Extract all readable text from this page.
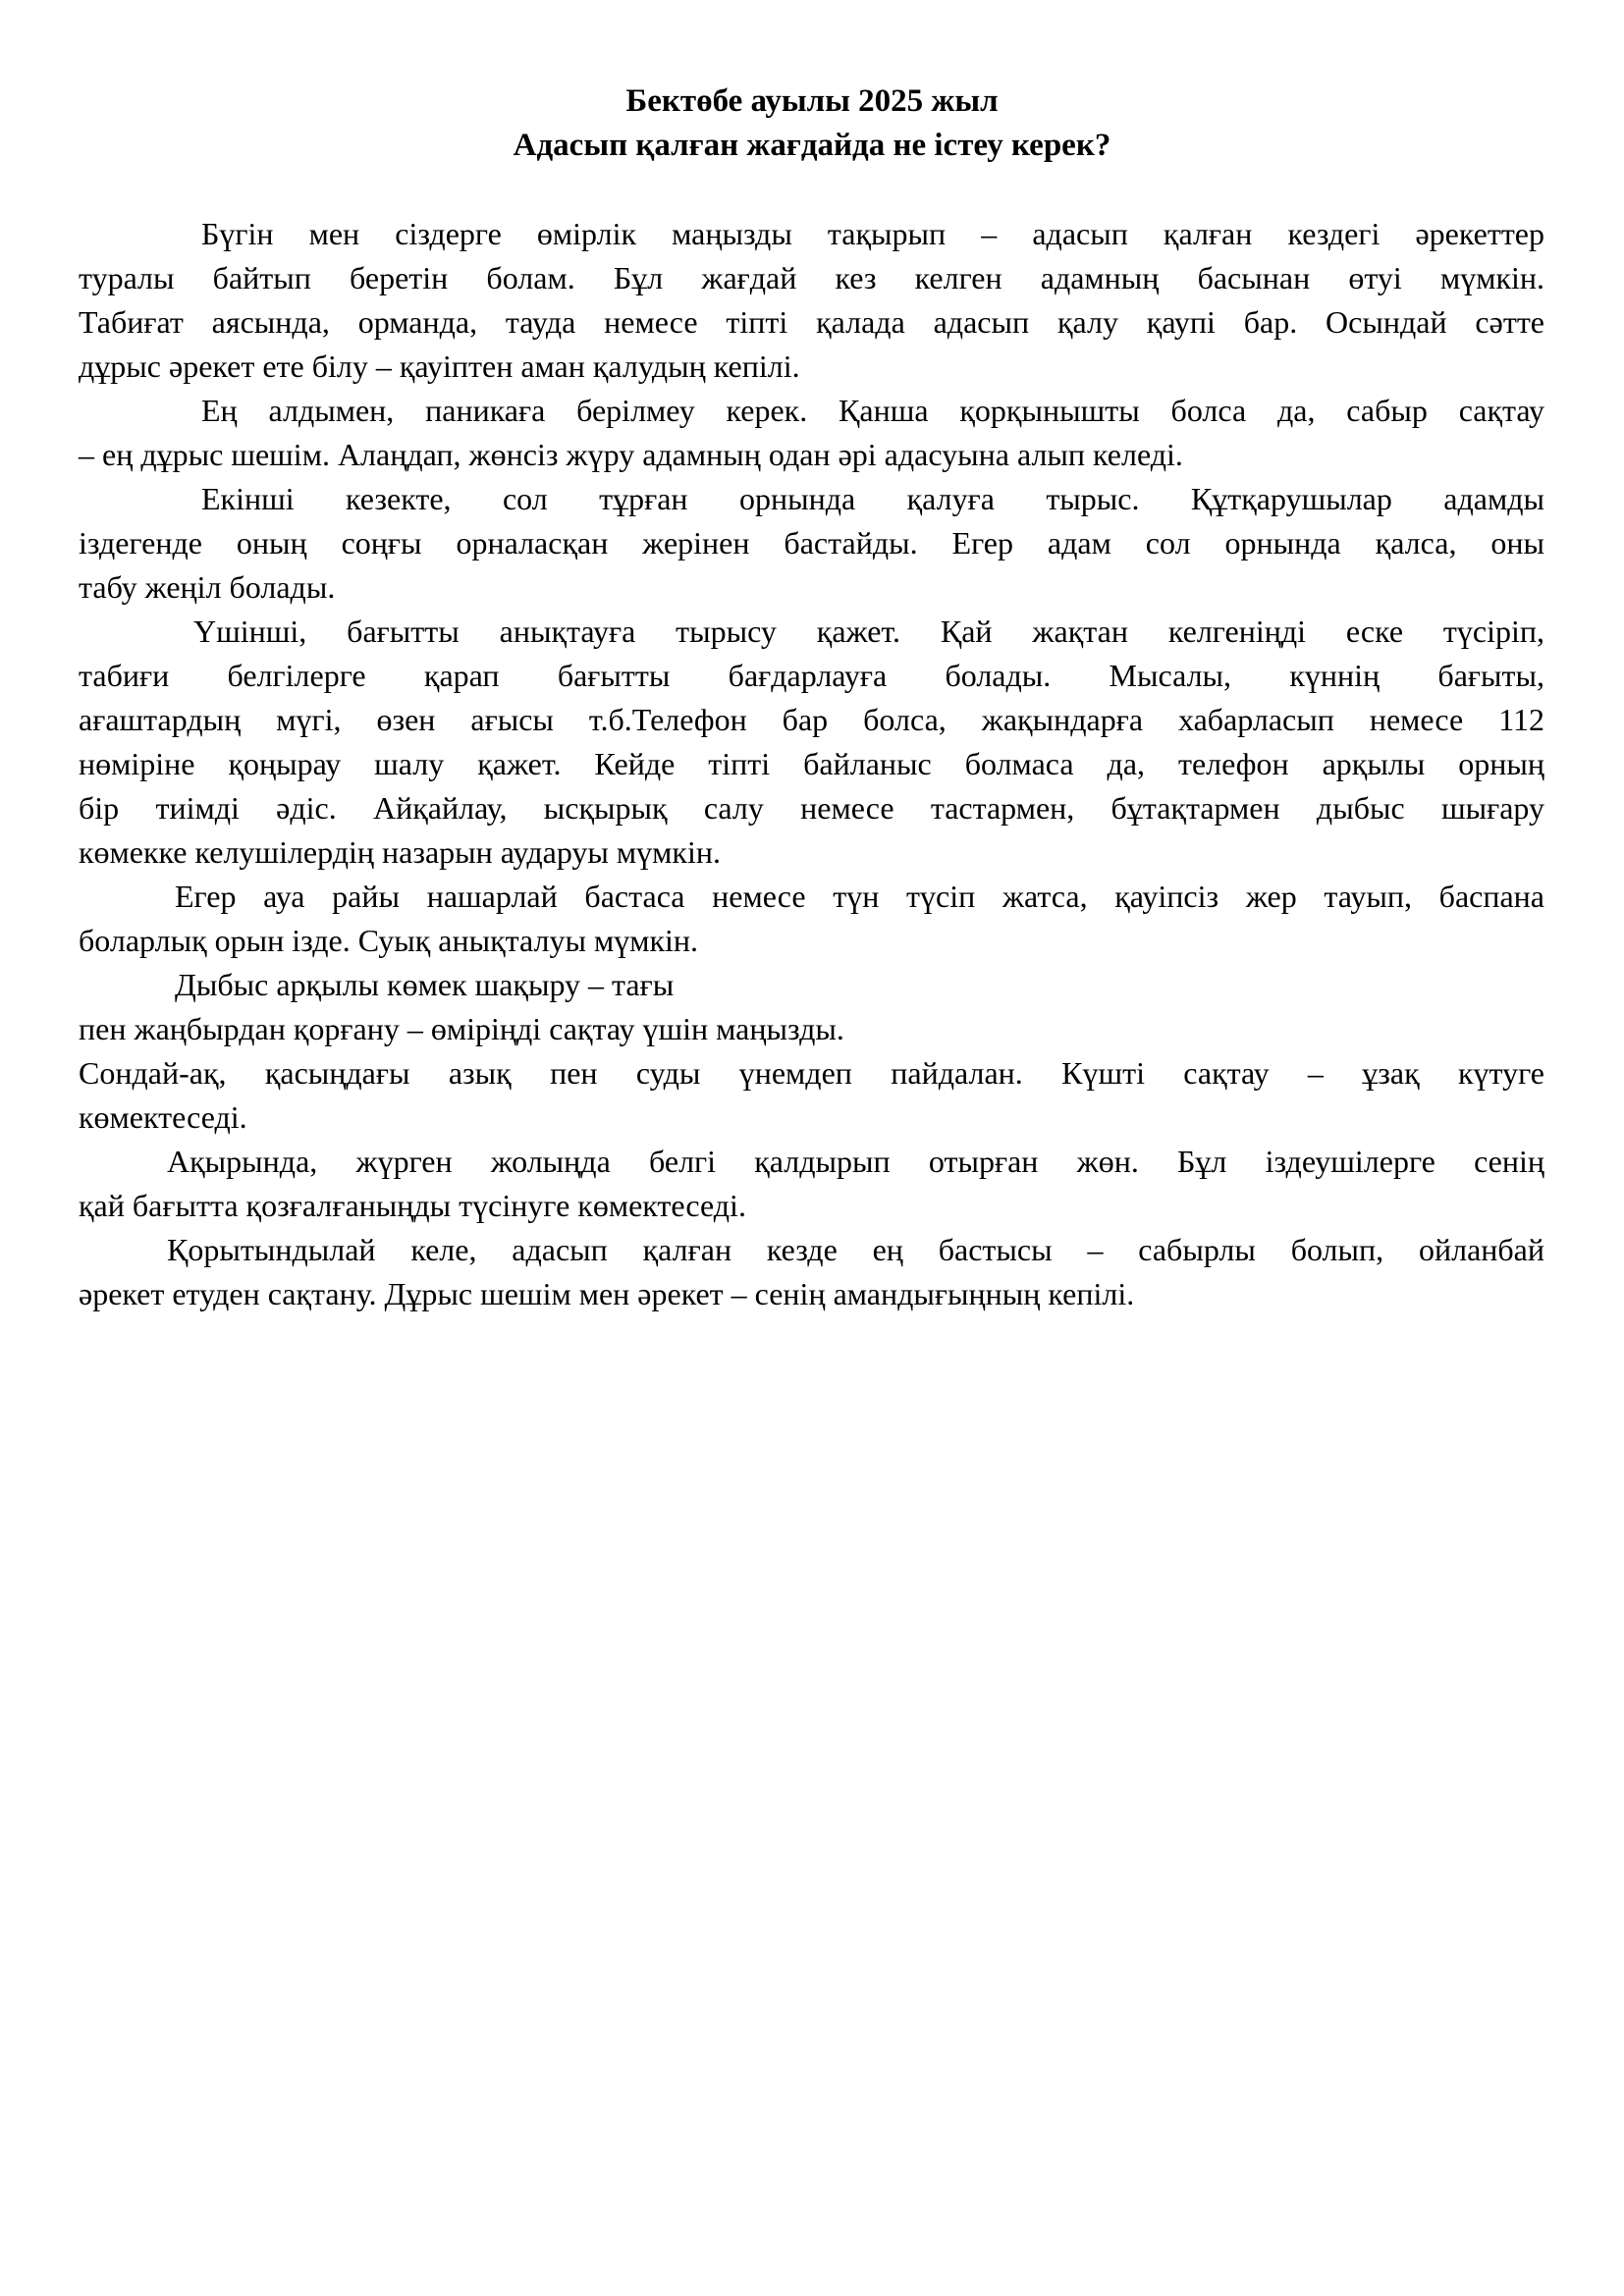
Бектөбе ауылы 2025 жыл
Адасып қалған жағдайда не істеу керек?
Бүгін мен сіздерге өмірлік маңызды тақырып – адасып қалған кездегі әрекеттер
туралы байтып беретін болам. Бұл жағдай кез келген адамның басынан өтуі мүмкін.
Табиғат аясында, орманда, тауда немесе тіпті қалада адасып қалу қаупі бар. Осындай сәтте
дұрыс әрекет ете білу – қауіптен аман қалудың кепілі.
Ең алдымен, паникаға берілмеу керек. Қанша қорқынышты болса да, сабыр сақтау
– ең дұрыс шешім. Алаңдап, жөнсіз жүру адамның одан әрі адасуына алып келеді.
Екінші кезекте, сол тұрған орнында қалуға тырыс. Құтқарушылар адамды
іздегенде оның соңғы орналасқан жерінен бастайды. Егер адам сол орнында қалса, оны
табу жеңіл болады.
Үшінші, бағытты анықтауға тырысу қажет. Қай жақтан келгеніңді еске түсіріп,
табиғи белгілерге қарап бағытты бағдарлауға болады. Мысалы, күннің бағыты,
ағаштардың мүгі, өзен ағысы т.б.Телефон бар болса, жақындарға хабарласып немесе 112
нөміріне қоңырау шалу қажет. Кейде тіпті байланыс болмаса да, телефон арқылы орның
бір тиімді әдіс. Айқайлау, ысқырық салу немесе тастармен, бұтақтармен дыбыс шығару
көмекке келушілердің назарын аударуы мүмкін.
Егер ауа райы нашарлай бастаса немесе түн түсіп жатса, қауіпсіз жер тауып, баспана
боларлық орын ізде. Суық анықталуы мүмкін.
Дыбыс арқылы көмек шақыру – тағы
пен жаңбырдан қорғану – өміріңді сақтау үшін маңызды.
Сондай-ақ, қасыңдағы азық пен суды үнемдеп пайдалан. Күшті сақтау – ұзақ күтуге
көмектеседі.
Ақырында, жүрген жолыңда белгі қалдырып отырған жөн. Бұл іздеушілерге сенің
қай бағытта қозғалғаныңды түсінуге көмектеседі.
Қорытындылай келе, адасып қалған кезде ең бастысы – сабырлы болып, ойланбай
әрекет етуден сақтану. Дұрыс шешім мен әрекет – сенің амандығыңның кепілі.
